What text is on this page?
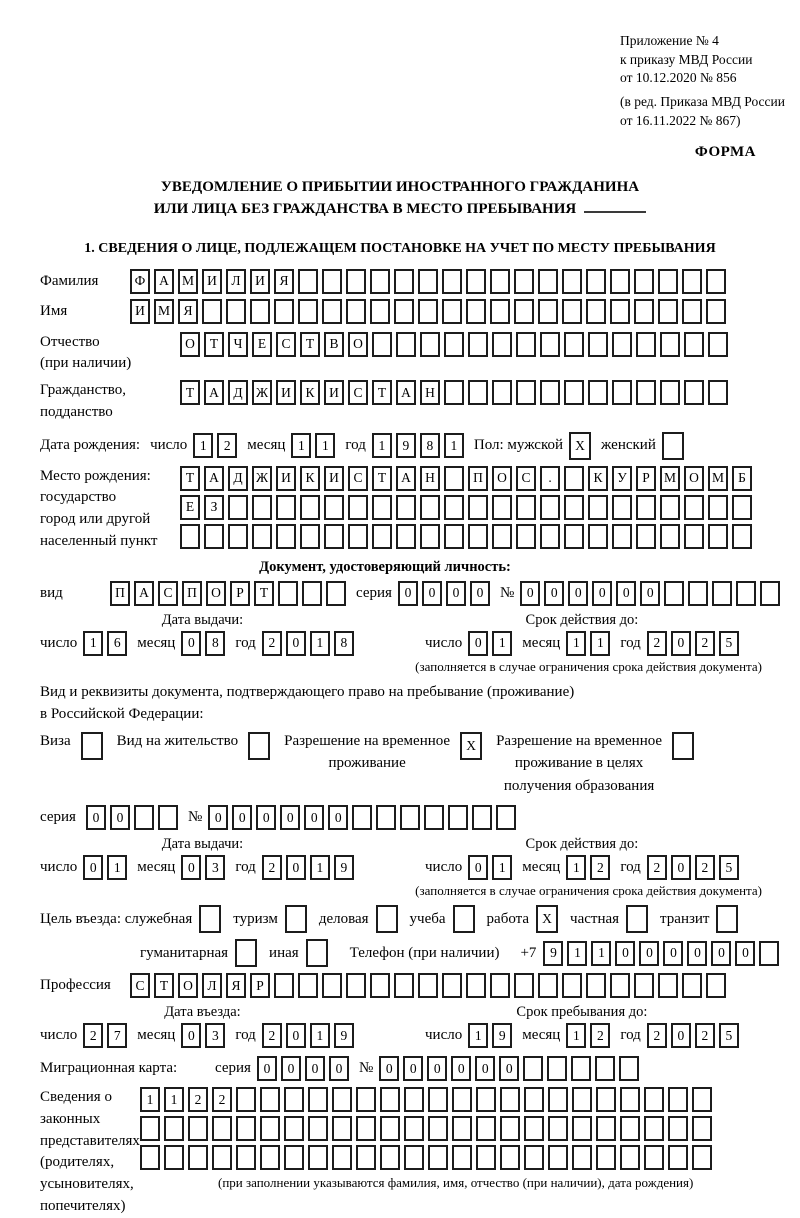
Приложение № 4
к приказу МВД России
от 10.12.2020 № 856
(в ред. Приказа МВД России
от 16.11.2022 № 867)
ФОРМА
УВЕДОМЛЕНИЕ О ПРИБЫТИИ ИНОСТРАННОГО ГРАЖДАНИНА
ИЛИ ЛИЦА БЕЗ ГРАЖДАНСТВА В МЕСТО ПРЕБЫВАНИЯ
1. СВЕДЕНИЯ О ЛИЦЕ, ПОДЛЕЖАЩЕМ ПОСТАНОВКЕ НА УЧЕТ ПО МЕСТУ ПРЕБЫВАНИЯ
Фамилия	Ф	А М И	Л	И	Я
Имя	И М Я
Отчество
(при наличии)
О	Т	Ч	Е	С	Т	В	О
Гражданство,
подданство
Т	А	Д Ж И	К	И	С	Т	А	Н
Дата рождения: число 1	2	месяц 1	1	год 1	9	8	1	Пол: мужской X	женский
Место рождения:
государство
город или другой
населенный пункт
Т	А	Д Ж И	К	И	С	Т	А	Н	П	О	С	.	К	У	Р	М О М	Б
Е	З
Документ, удостоверяющий личность:
вид	П	А	С	П	О	Р	Т	серия 0	0	0	0	№ 0	0	0	0	0	0
Дата выдачи:
число 1	6	месяц 0	8	год 2	0	1	8
Срок действия до:
число 0	1	месяц 1	1	год 2	0	2	5
(заполняется в случае ограничения срока действия документа)
Вид и реквизиты документа, подтверждающего право на пребывание (проживание)
в Российской Федерации:
Виза	Вид на жительство	Разрешение на временное
проживание
X	Разрешение на временное
проживание в целях
получения образования
серия	0	0	№ 0	0	0	0	0	0
Дата выдачи:
число 0	1	месяц 0	3	год 2	0	1	9
Срок действия до:
число 0	1	месяц 1	2	год 2	0	2	5
(заполняется в случае ограничения срока действия документа)
Цель въезда: служебная	туризм	деловая	учеба	работа X	частная	транзит
гуманитарная	иная	Телефон (при наличии) +7	9	1	1	0	0	0	0	0	0
Профессия	С	Т	О	Л	Я	Р
Дата въезда:
число 2	7	месяц 0	3	год 2	0	1	9
Срок пребывания до:
число 1	9	месяц 1	2	год 2	0	2	5
Миграционная карта:	серия 0	0	0	0	№ 0	0	0	0	0	0
Сведения о
законных
представителях
(родителях,
усыновителях,
попечителях)
1	1	2	2
(при заполнении указываются фамилия, имя, отчество (при наличии), дата рождения)
